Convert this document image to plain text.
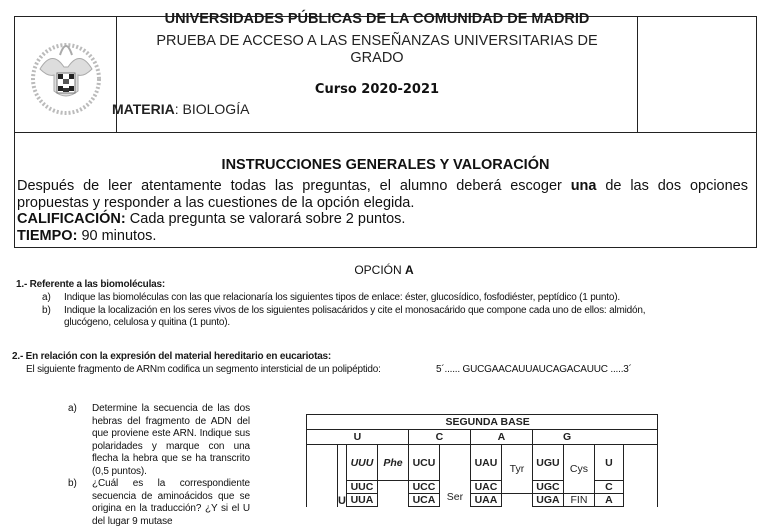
UNIVERSIDADES PÚBLICAS DE LA COMUNIDAD DE MADRID
PRUEBA DE ACCESO A LAS ENSEÑANZAS UNIVERSITARIAS DE
GRADO
Curso 2020-2021
MATERIA: BIOLOGÍA
INSTRUCCIONES GENERALES Y VALORACIÓN
Después de leer atentamente todas las preguntas, el alumno deberá escoger una de las dos opciones
propuestas y responder a las cuestiones de la opción elegida.
CALIFICACIÓN: Cada pregunta se valorará sobre 2 puntos.
TIEMPO: 90 minutos.
OPCIÓN A
1.- Referente a las biomoléculas:
a) Indique las biomoléculas con las que relacionaría los siguientes tipos de enlace: éster, glucosídico, fosfodiéster, peptídico (1 punto).
b) Indique la localización en los seres vivos de los siguientes polisacáridos y cite el monosacárido que compone cada uno de ellos: almidón,
glucógeno, celulosa y quitina (1 punto).
2.- En relación con la expresión del material hereditario en eucariotas:
El siguiente fragmento de ARNm codifica un segmento intersticial de un polipéptido:	5´...... GUCGAACAUUAUCAGACAUUC .....3´
a) Determine la secuencia de las dos hebras del fragmento de ADN del que proviene este ARN. Indique sus polaridades y marque con una flecha la hebra que se ha transcrito (0,5 puntos).
b) ¿Cuál es la correspondiente secuencia de aminoácidos que se origina en la traducción? ¿Y si el U del lugar 9 mutase
	SEGUNDA BASE										
U				C		A		G			
	U	UUU	Phe	UCU	Ser	UAU	Tyr	UGU	Cys	U	
		UUC		UCC		UAC		UGC		C	
		UUA		UCA		UAA		UGA	FIN	A	
